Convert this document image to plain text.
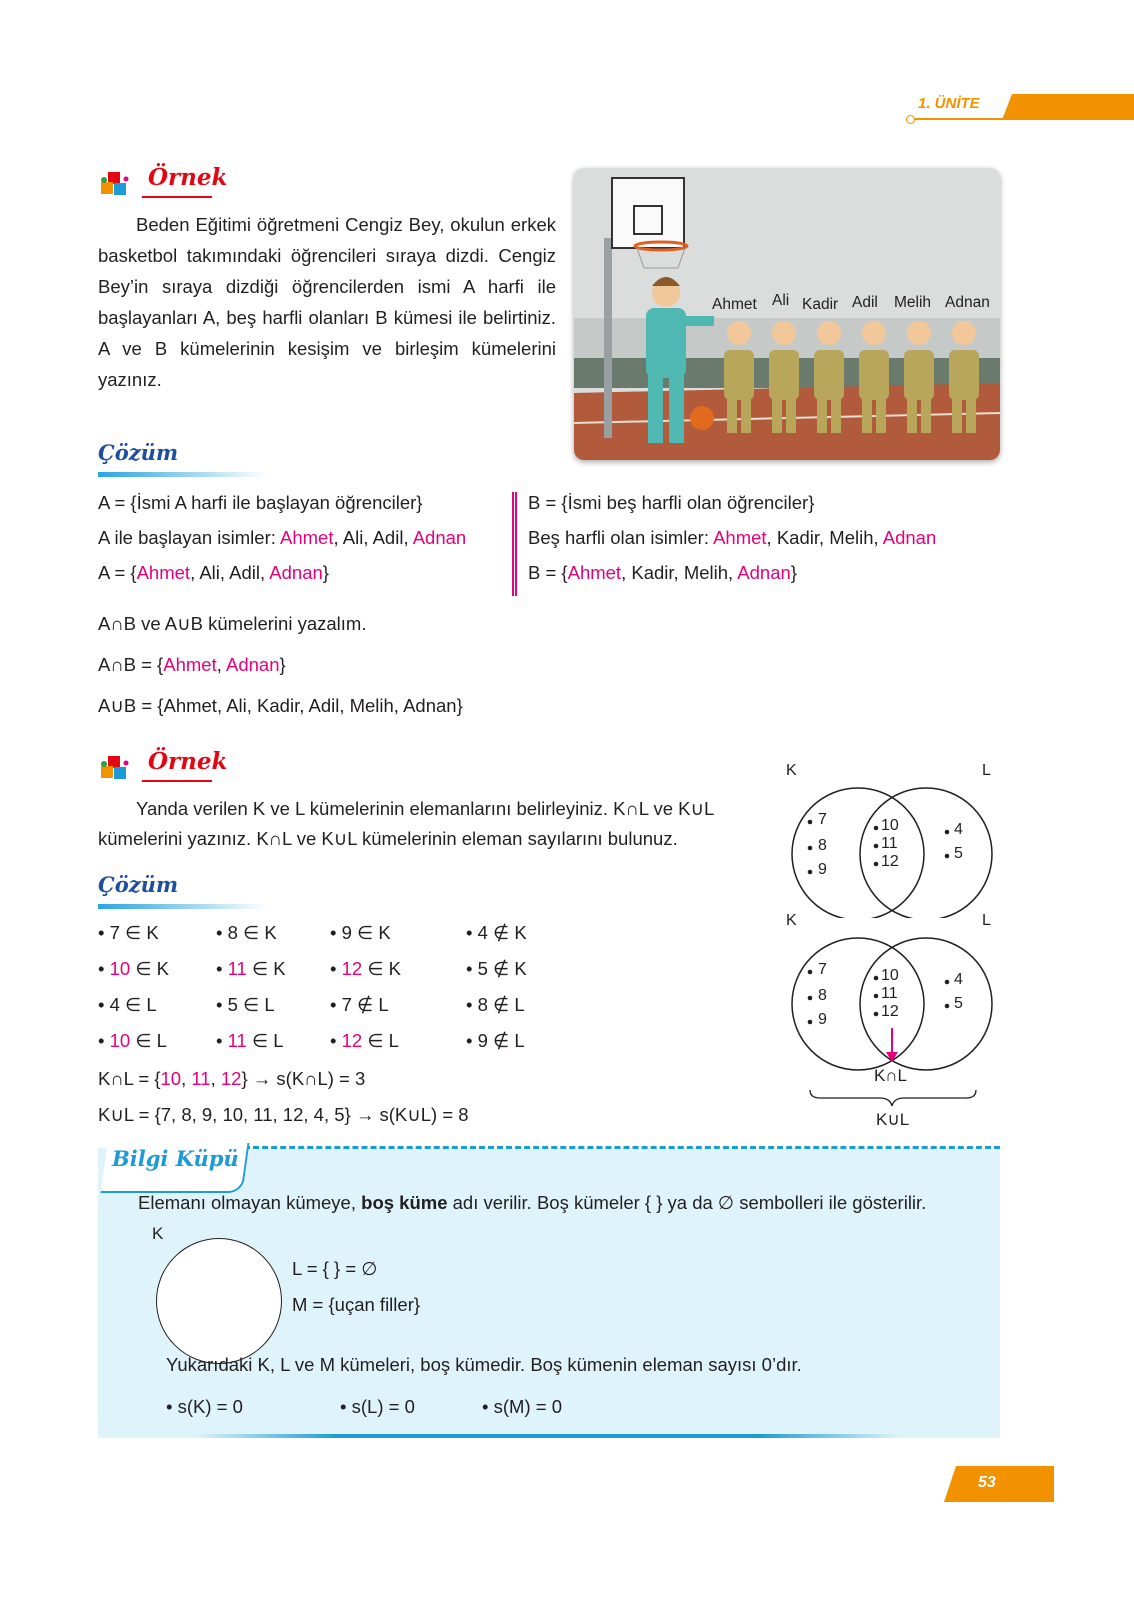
1. ÜNİTE
Örnek
Beden Eğitimi öğretmeni Cengiz Bey, okulun erkek basketbol takımındaki öğrencileri sıraya dizdi. Cengiz Bey’in sıraya dizdiği öğrencilerden ismi A harfi ile başlayanları A, beş harfli olanları B kümesi ile belirtiniz. A ve B kümelerinin kesişim ve birleşim kümelerini yazınız.
Ahmet Ali Kadir Adil Melih Adnan
Çözüm
A = {İsmi A harfi ile başlayan öğrenciler}
A ile başlayan isimler: Ahmet, Ali, Adil, Adnan
A = {Ahmet, Ali, Adil, Adnan}
B = {İsmi beş harfli olan öğrenciler}
Beş harfli olan isimler: Ahmet, Kadir, Melih, Adnan
B = {Ahmet, Kadir, Melih, Adnan}
A∩B ve A∪B kümelerini yazalım.
A∩B = {Ahmet, Adnan}
A∪B = {Ahmet, Ali, Kadir, Adil, Melih, Adnan}
Örnek
Yanda verilen K ve L kümelerinin elemanlarını belirleyiniz. K∩L ve K∪L
kümelerini yazınız. K∩L ve K∪L kümelerinin eleman sayılarını bulunuz.
K	L
7
8
9
10
11
12
4
5
Çözüm
• 7 ∈ K	• 8 ∈ K	• 9 ∈ K	• 4 ∉ K
• 10 ∈ K	• 11 ∈ K • 12 ∈ K	• 5 ∉ K
• 4 ∈ L	• 5 ∈ L	• 7 ∉ L	• 8 ∉ L
• 10 ∈ L	• 11 ∈ L	• 12 ∈ L	• 9 ∉ L
K∩L = {10, 11, 12} → s(K∩L) = 3
K∪L = {7, 8, 9, 10, 11, 12, 4, 5} → s(K∪L) = 8
K	L
7
8
9
10
11
12
4
5
K∩L
K∪L
Bilgi Küpü
Elemanı olmayan kümeye, boş küme adı verilir. Boş kümeler { } ya da ∅ sembolleri ile gösterilir.
K
L = { } = ∅
M = {uçan filler}
Yukarıdaki K, L ve M kümeleri, boş kümedir. Boş kümenin eleman sayısı 0’dır.
• s(K) = 0	• s(L) = 0	• s(M) = 0
53
